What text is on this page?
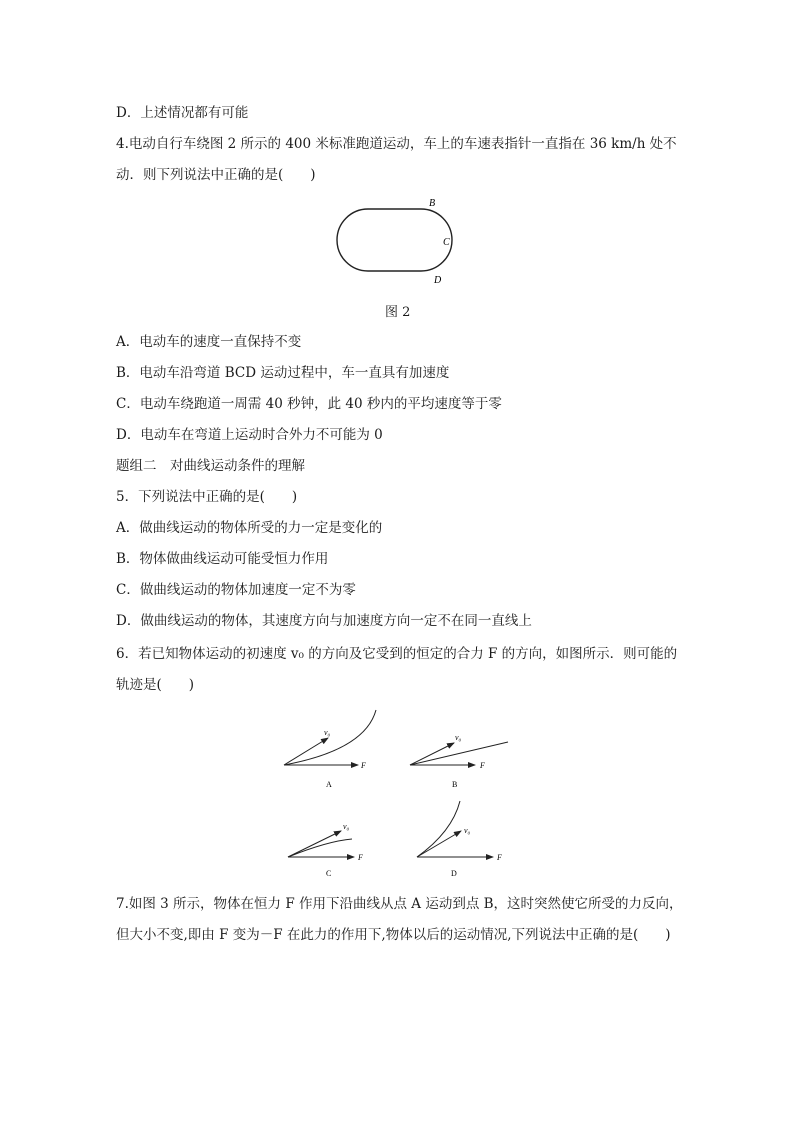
D．上述情况都有可能
4.电动自行车绕图 2 所示的 400 米标准跑道运动，车上的车速表指针一直指在 36 km/h 处不
动．则下列说法中正确的是(　　)
B
C
D
图 2
A．电动车的速度一直保持不变
B．电动车沿弯道 BCD 运动过程中，车一直具有加速度
C．电动车绕跑道一周需 40 秒钟，此 40 秒内的平均速度等于零
D．电动车在弯道上运动时合外力不可能为 0
题组二　对曲线运动条件的理解
5．下列说法中正确的是(　　)
A．做曲线运动的物体所受的力一定是变化的
B．物体做曲线运动可能受恒力作用
C．做曲线运动的物体加速度一定不为零
D．做曲线运动的物体，其速度方向与加速度方向一定不在同一直线上
6．若已知物体运动的初速度 v₀ 的方向及它受到的恒定的合力 F 的方向，如图所示．则可能的
轨迹是(　　)
v₀
F
A
v₀
F
B
v₀
F
C
v₀
F
D
7.如图 3 所示，物体在恒力 F 作用下沿曲线从点 A 运动到点 B，这时突然使它所受的力反向，
但大小不变,即由 F 变为－F 在此力的作用下,物体以后的运动情况,下列说法中正确的是(　　)
